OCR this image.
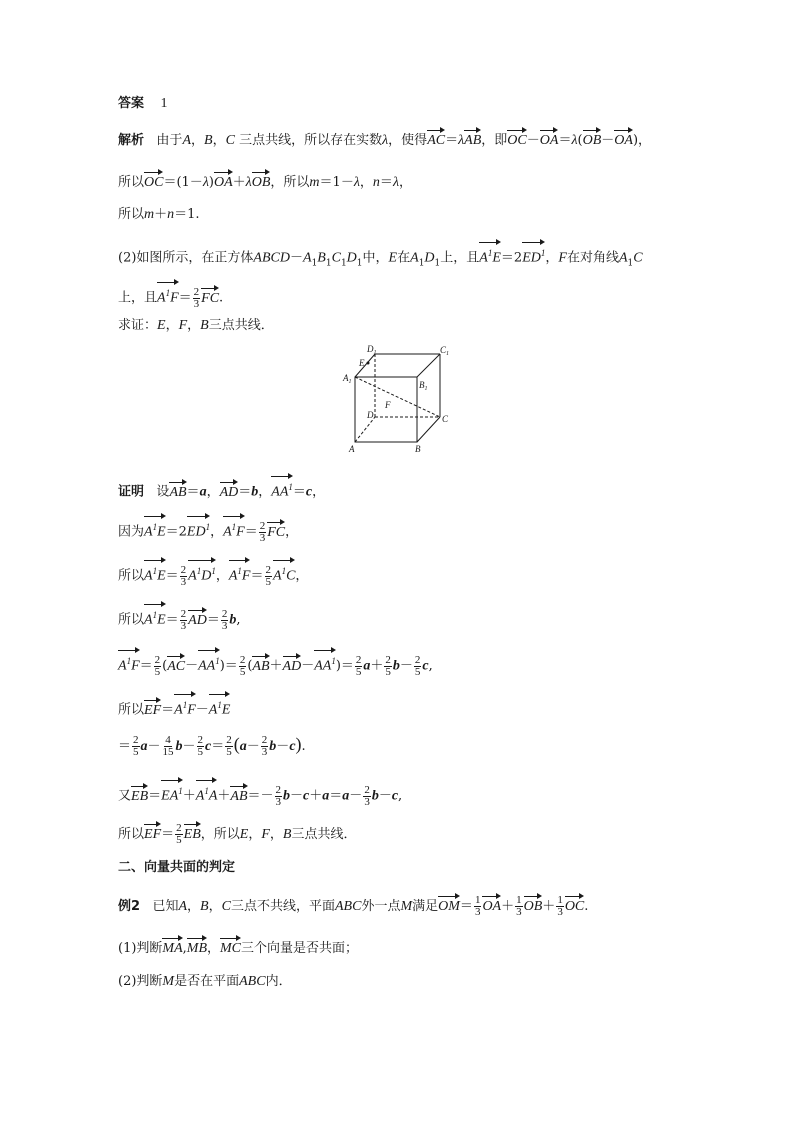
答案 1
解析 由于A，B，C 三点共线，所以存在实数λ，使得AC＝λAB，即OC－OA＝λ(OB－OA)，
所以OC＝(1－λ)OA＋λOB，所以m＝1－λ，n＝λ，
所以m＋n＝1.
(2)如图所示，在正方体$ABCD-A_1B_1C_1D_1$中，E在$A_1D_1$上，且$A^1E=2ED^1$，F在对角线$A_1C$
上，且$A^1F= \frac{2}{3}$ FC.
求证：E，F，B三点共线．
$D_1$	$C_1$
E
$A_1$	$B_1$
F
D	C
A	B
证明 设AB＝a，AD＝b，$AA^1=c$，
因为$A^1E=2ED^1$，$A^1F= \frac{2}{3}$ FC，
所以$A^1E= \frac{2}{3} A^1D^1$，$A^1F= \frac{2}{5} A^1C$，
所以$A^1E= \frac{2}{3} AD= \frac{2}{3} b$,
$A^1F= \frac{2}{5} (AC-AA^1)= \frac{2}{5} (AB+AD-AA^1)= \frac{2}{5} a+ \frac{2}{5} b- \frac{2}{5} c$,
所以$EF=A^1F-A^1E$
＝ $\frac{2}{5} a- \frac{4}{15} b- \frac{2}{5} c= \frac{2}{5} (a- \frac{2}{3} b-c)$.
又$EB=EA^1+A^1A+AB=- \frac{2}{3} b-c+a=a- \frac{2}{3} b-c$,
所以$EF= \frac{2}{5}$ EB，所以E，F，B三点共线．
二、向量共面的判定
例2 已知A，B，C三点不共线，平面ABC外一点M满足$OM= \frac{1}{3} OA+ \frac{1}{3} OB+ \frac{1}{3}$ OC.
(1)判断MA,MB，MC三个向量是否共面；
(2)判断M是否在平面ABC内．
